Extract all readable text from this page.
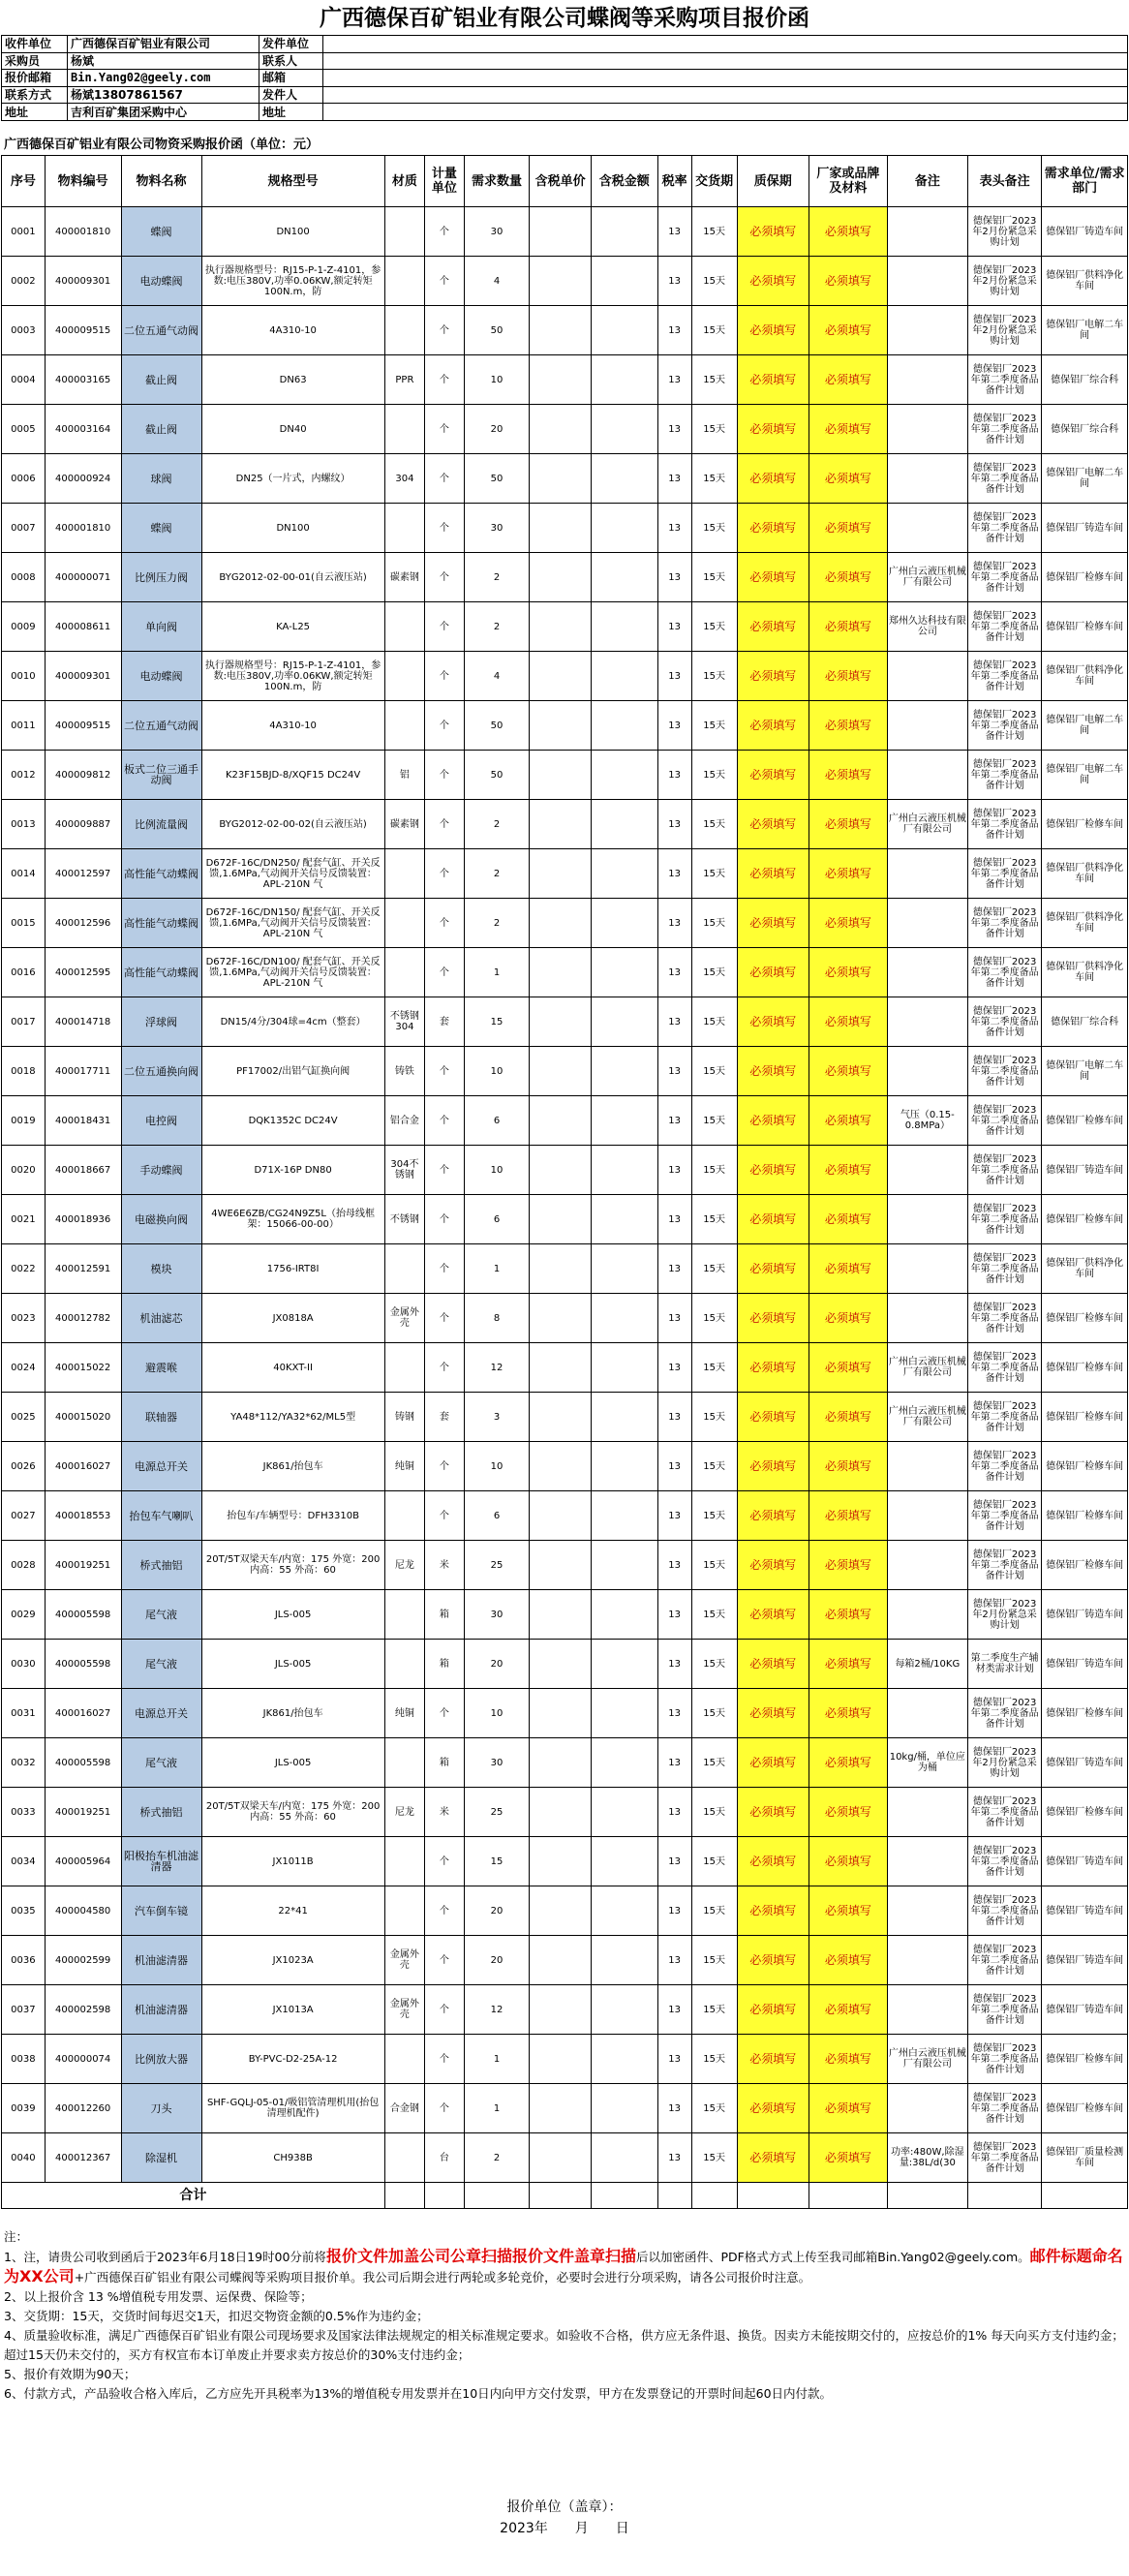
广西德保百矿铝业有限公司蝶阀等采购项目报价函
收件单位	广西德保百矿铝业有限公司	发件单位	
采购员	杨斌	联系人	
报价邮箱	Bin.Yang02@geely.com	邮箱	
联系方式	杨斌13807861567	发件人	
地址	吉利百矿集团采购中心	地址	
广西德保百矿铝业有限公司物资采购报价函（单位：元）
序号	物料编号	物料名称	规格型号	材质	计量单位	需求数量	含税单价	含税金额	税率	交货期	质保期	厂家或品牌及材料	备注	表头备注	需求单位/需求部门
0001	400001810	蝶阀	DN100		个	30			13	15天	必须填写	必须填写		德保铝厂2023年2月份紧急采购计划	德保铝厂铸造车间
0002	400009301	电动蝶阀	执行器规格型号：RJ15-P-1-Z-4101，参数:电压380V,功率0.06KW,额定转矩100N.m，防		个	4			13	15天	必须填写	必须填写		德保铝厂2023年2月份紧急采购计划	德保铝厂供料净化车间
0003	400009515	二位五通气动阀	4A310-10		个	50			13	15天	必须填写	必须填写		德保铝厂2023年2月份紧急采购计划	德保铝厂电解二车间
0004	400003165	截止阀	DN63	PPR	个	10			13	15天	必须填写	必须填写		德保铝厂2023年第二季度备品备件计划	德保铝厂综合科
0005	400003164	截止阀	DN40		个	20			13	15天	必须填写	必须填写		德保铝厂2023年第二季度备品备件计划	德保铝厂综合科
0006	400000924	球阀	DN25（一片式，内螺纹）	304	个	50			13	15天	必须填写	必须填写		德保铝厂2023年第二季度备品备件计划	德保铝厂电解二车间
0007	400001810	蝶阀	DN100		个	30			13	15天	必须填写	必须填写		德保铝厂2023年第二季度备品备件计划	德保铝厂铸造车间
0008	400000071	比例压力阀	BYG2012-02-00-01(自云液压站)	碳素钢	个	2			13	15天	必须填写	必须填写	广州白云液压机械厂有限公司	德保铝厂2023年第二季度备品备件计划	德保铝厂检修车间
0009	400008611	单向阀	KA-L25		个	2			13	15天	必须填写	必须填写	郑州久达科技有限公司	德保铝厂2023年第二季度备品备件计划	德保铝厂检修车间
0010	400009301	电动蝶阀	执行器规格型号：RJ15-P-1-Z-4101，参数:电压380V,功率0.06KW,额定转矩100N.m，防		个	4			13	15天	必须填写	必须填写		德保铝厂2023年第二季度备品备件计划	德保铝厂供料净化车间
0011	400009515	二位五通气动阀	4A310-10		个	50			13	15天	必须填写	必须填写		德保铝厂2023年第二季度备品备件计划	德保铝厂电解二车间
0012	400009812	板式二位三通手动阀	K23F15BJD-8/XQF15 DC24V	铝	个	50			13	15天	必须填写	必须填写		德保铝厂2023年第二季度备品备件计划	德保铝厂电解二车间
0013	400009887	比例流量阀	BYG2012-02-00-02(自云液压站)	碳素钢	个	2			13	15天	必须填写	必须填写	广州白云液压机械厂有限公司	德保铝厂2023年第二季度备品备件计划	德保铝厂检修车间
0014	400012597	高性能气动蝶阀	D672F-16C/DN250/ 配套气缸、开关反馈,1.6MPa,气动阀开关信号反馈装置：APL-210N 气		个	2			13	15天	必须填写	必须填写		德保铝厂2023年第二季度备品备件计划	德保铝厂供料净化车间
0015	400012596	高性能气动蝶阀	D672F-16C/DN150/ 配套气缸、开关反馈,1.6MPa,气动阀开关信号反馈装置：APL-210N 气		个	2			13	15天	必须填写	必须填写		德保铝厂2023年第二季度备品备件计划	德保铝厂供料净化车间
0016	400012595	高性能气动蝶阀	D672F-16C/DN100/ 配套气缸、开关反馈,1.6MPa,气动阀开关信号反馈装置：APL-210N 气		个	1			13	15天	必须填写	必须填写		德保铝厂2023年第二季度备品备件计划	德保铝厂供料净化车间
0017	400014718	浮球阀	DN15/4分/304球=4cm（整套）	不锈钢304	套	15			13	15天	必须填写	必须填写		德保铝厂2023年第二季度备品备件计划	德保铝厂综合科
0018	400017711	二位五通换向阀	PF17002/出铝气缸换向阀	铸铁	个	10			13	15天	必须填写	必须填写		德保铝厂2023年第二季度备品备件计划	德保铝厂电解二车间
0019	400018431	电控阀	DQK1352C DC24V	铝合金	个	6			13	15天	必须填写	必须填写	气压（0.15-0.8MPa）	德保铝厂2023年第二季度备品备件计划	德保铝厂检修车间
0020	400018667	手动蝶阀	D71X-16P DN80	304不锈钢	个	10			13	15天	必须填写	必须填写		德保铝厂2023年第二季度备品备件计划	德保铝厂铸造车间
0021	400018936	电磁换向阀	4WE6E6ZB/CG24N9Z5L（抬母线框架：15066-00-00）	不锈钢	个	6			13	15天	必须填写	必须填写		德保铝厂2023年第二季度备品备件计划	德保铝厂检修车间
0022	400012591	模块	1756-IRT8I		个	1			13	15天	必须填写	必须填写		德保铝厂2023年第二季度备品备件计划	德保铝厂供料净化车间
0023	400012782	机油滤芯	JX0818A	金属外壳	个	8			13	15天	必须填写	必须填写		德保铝厂2023年第二季度备品备件计划	德保铝厂检修车间
0024	400015022	避震喉	40KXT-II		个	12			13	15天	必须填写	必须填写	广州白云液压机械厂有限公司	德保铝厂2023年第二季度备品备件计划	德保铝厂检修车间
0025	400015020	联轴器	YA48*112/YA32*62/ML5型	铸钢	套	3			13	15天	必须填写	必须填写	广州白云液压机械厂有限公司	德保铝厂2023年第二季度备品备件计划	德保铝厂检修车间
0026	400016027	电源总开关	JK861/抬包车	纯铜	个	10			13	15天	必须填写	必须填写		德保铝厂2023年第二季度备品备件计划	德保铝厂检修车间
0027	400018553	抬包车气喇叭	抬包车/车辆型号：DFH3310B		个	6			13	15天	必须填写	必须填写		德保铝厂2023年第二季度备品备件计划	德保铝厂检修车间
0028	400019251	桥式抽铝	20T/5T双梁天车/内宽：175 外宽：200 内高：55 外高：60	尼龙	米	25			13	15天	必须填写	必须填写		德保铝厂2023年第二季度备品备件计划	德保铝厂检修车间
0029	400005598	尾气液	JLS-005		箱	30			13	15天	必须填写	必须填写		德保铝厂2023年2月份紧急采购计划	德保铝厂铸造车间
0030	400005598	尾气液	JLS-005		箱	20			13	15天	必须填写	必须填写	每箱2桶/10KG	第二季度生产辅材类需求计划	德保铝厂铸造车间
0031	400016027	电源总开关	JK861/抬包车	纯铜	个	10			13	15天	必须填写	必须填写		德保铝厂2023年第二季度备品备件计划	德保铝厂检修车间
0032	400005598	尾气液	JLS-005		箱	30			13	15天	必须填写	必须填写	10kg/桶，单位应为桶	德保铝厂2023年2月份紧急采购计划	德保铝厂铸造车间
0033	400019251	桥式抽铝	20T/5T双梁天车/内宽：175 外宽：200 内高：55 外高：60	尼龙	米	25			13	15天	必须填写	必须填写		德保铝厂2023年第二季度备品备件计划	德保铝厂检修车间
0034	400005964	阳极抬车机油滤清器	JX1011B		个	15			13	15天	必须填写	必须填写		德保铝厂2023年第二季度备品备件计划	德保铝厂铸造车间
0035	400004580	汽车倒车镜	22*41		个	20			13	15天	必须填写	必须填写		德保铝厂2023年第二季度备品备件计划	德保铝厂铸造车间
0036	400002599	机油滤清器	JX1023A	金属外壳	个	20			13	15天	必须填写	必须填写		德保铝厂2023年第二季度备品备件计划	德保铝厂铸造车间
0037	400002598	机油滤清器	JX1013A	金属外壳	个	12			13	15天	必须填写	必须填写		德保铝厂2023年第二季度备品备件计划	德保铝厂铸造车间
0038	400000074	比例放大器	BY-PVC-D2-25A-12		个	1			13	15天	必须填写	必须填写	广州白云液压机械厂有限公司	德保铝厂2023年第二季度备品备件计划	德保铝厂检修车间
0039	400012260	刀头	SHF-GQLJ-05-01/吸铝管清理机用(抬包清理机配件)	合金钢	个	1			13	15天	必须填写	必须填写		德保铝厂2023年第二季度备品备件计划	德保铝厂检修车间
0040	400012367	除湿机	CH938B		台	2			13	15天	必须填写	必须填写	功率:480W,除湿量:38L/d(30	德保铝厂2023年第二季度备品备件计划	德保铝厂质量检测车间
合计															

注：

1、注，请贵公司收到函后于2023年6月18日19时00分前将报价文件加盖公司公章扫描报价文件盖章扫描后以加密函件、PDF格式方式上传至我司邮箱Bin.Yang02@geely.com。邮件标题命名为XX公司+广西德保百矿铝业有限公司蝶阀等采购项目报价单。我公司后期会进行两轮或多轮竞价，必要时会进行分项采购，请各公司报价时注意。

2、以上报价含 13 %增值税专用发票、运保费、保险等；

3、交货期：15天，交货时间每迟交1天，扣迟交物资金额的0.5%作为违约金；

4、质量验收标准，满足广西德保百矿铝业有限公司现场要求及国家法律法规规定的相关标准规定要求。如验收不合格，供方应无条件退、换货。因卖方未能按期交付的，应按总价的1% 每天向买方支付违约金；超过15天仍未交付的，买方有权宣布本订单废止并要求卖方按总价的30%支付违约金；

5、报价有效期为90天；

6、付款方式，产品验收合格入库后，乙方应先开具税率为13%的增值税专用发票并在10日内向甲方交付发票，甲方在发票登记的开票时间起60日内付款。

报价单位（盖章）：
2023年　　月　　日
